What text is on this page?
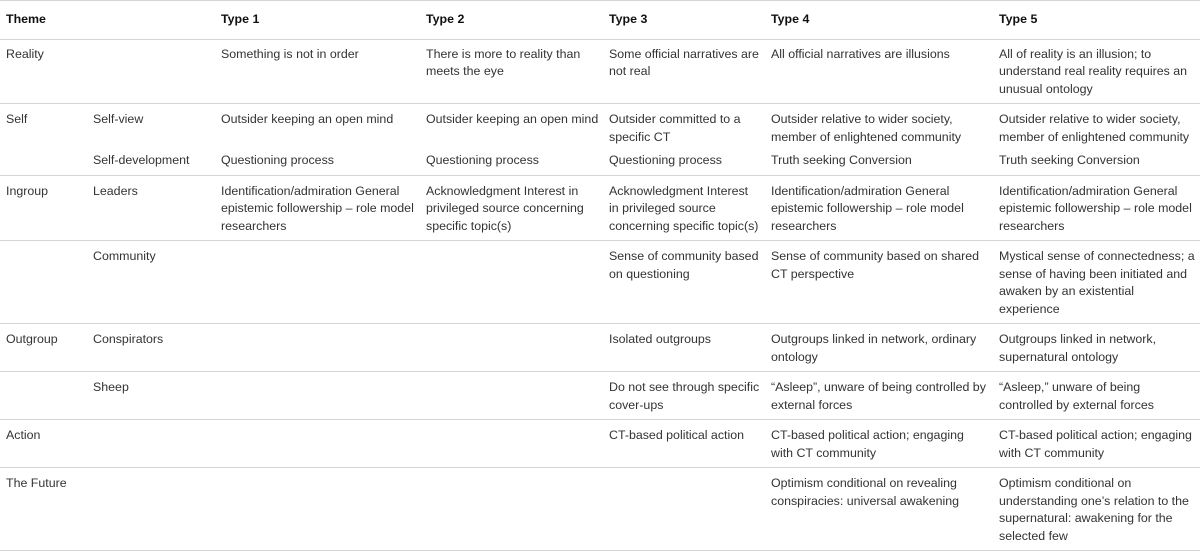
Theme		Type 1	Type 2	Type 3	Type 4	Type 5
Reality		Something is not in order	There is more to reality than meets the eye	Some official narratives are not real	All official narratives are illusions	All of reality is an illusion; to understand real reality requires an unusual ontology
Self	Self-view	Outsider keeping an open mind	Outsider keeping an open mind	Outsider committed to a specific CT	Outsider relative to wider society, member of enlightened community	Outsider relative to wider society, member of enlightened community
	Self-development	Questioning process	Questioning process	Questioning process	Truth seeking Conversion	Truth seeking Conversion
Ingroup	Leaders	Identification/admiration General epistemic followership – role model researchers	Acknowledgment Interest in privileged source concerning specific topic(s)	Acknowledgment Interest in privileged source concerning specific topic(s)	Identification/admiration General epistemic followership – role model researchers	Identification/admiration General epistemic followership – role model researchers
	Community			Sense of community based on questioning	Sense of community based on shared CT perspective	Mystical sense of connectedness; a sense of having been initiated and awaken by an existential experience
Outgroup	Conspirators			Isolated outgroups	Outgroups linked in network, ordinary ontology	Outgroups linked in network, supernatural ontology
	Sheep			Do not see through specific cover-ups	“Asleep”, unware of being controlled by external forces	“Asleep,” unware of being controlled by external forces
Action				CT-based political action	CT-based political action; engaging with CT community	CT-based political action; engaging with CT community
The Future					Optimism conditional on revealing conspiracies: universal awakening	Optimism conditional on understanding one’s relation to the supernatural: awakening for the selected few
